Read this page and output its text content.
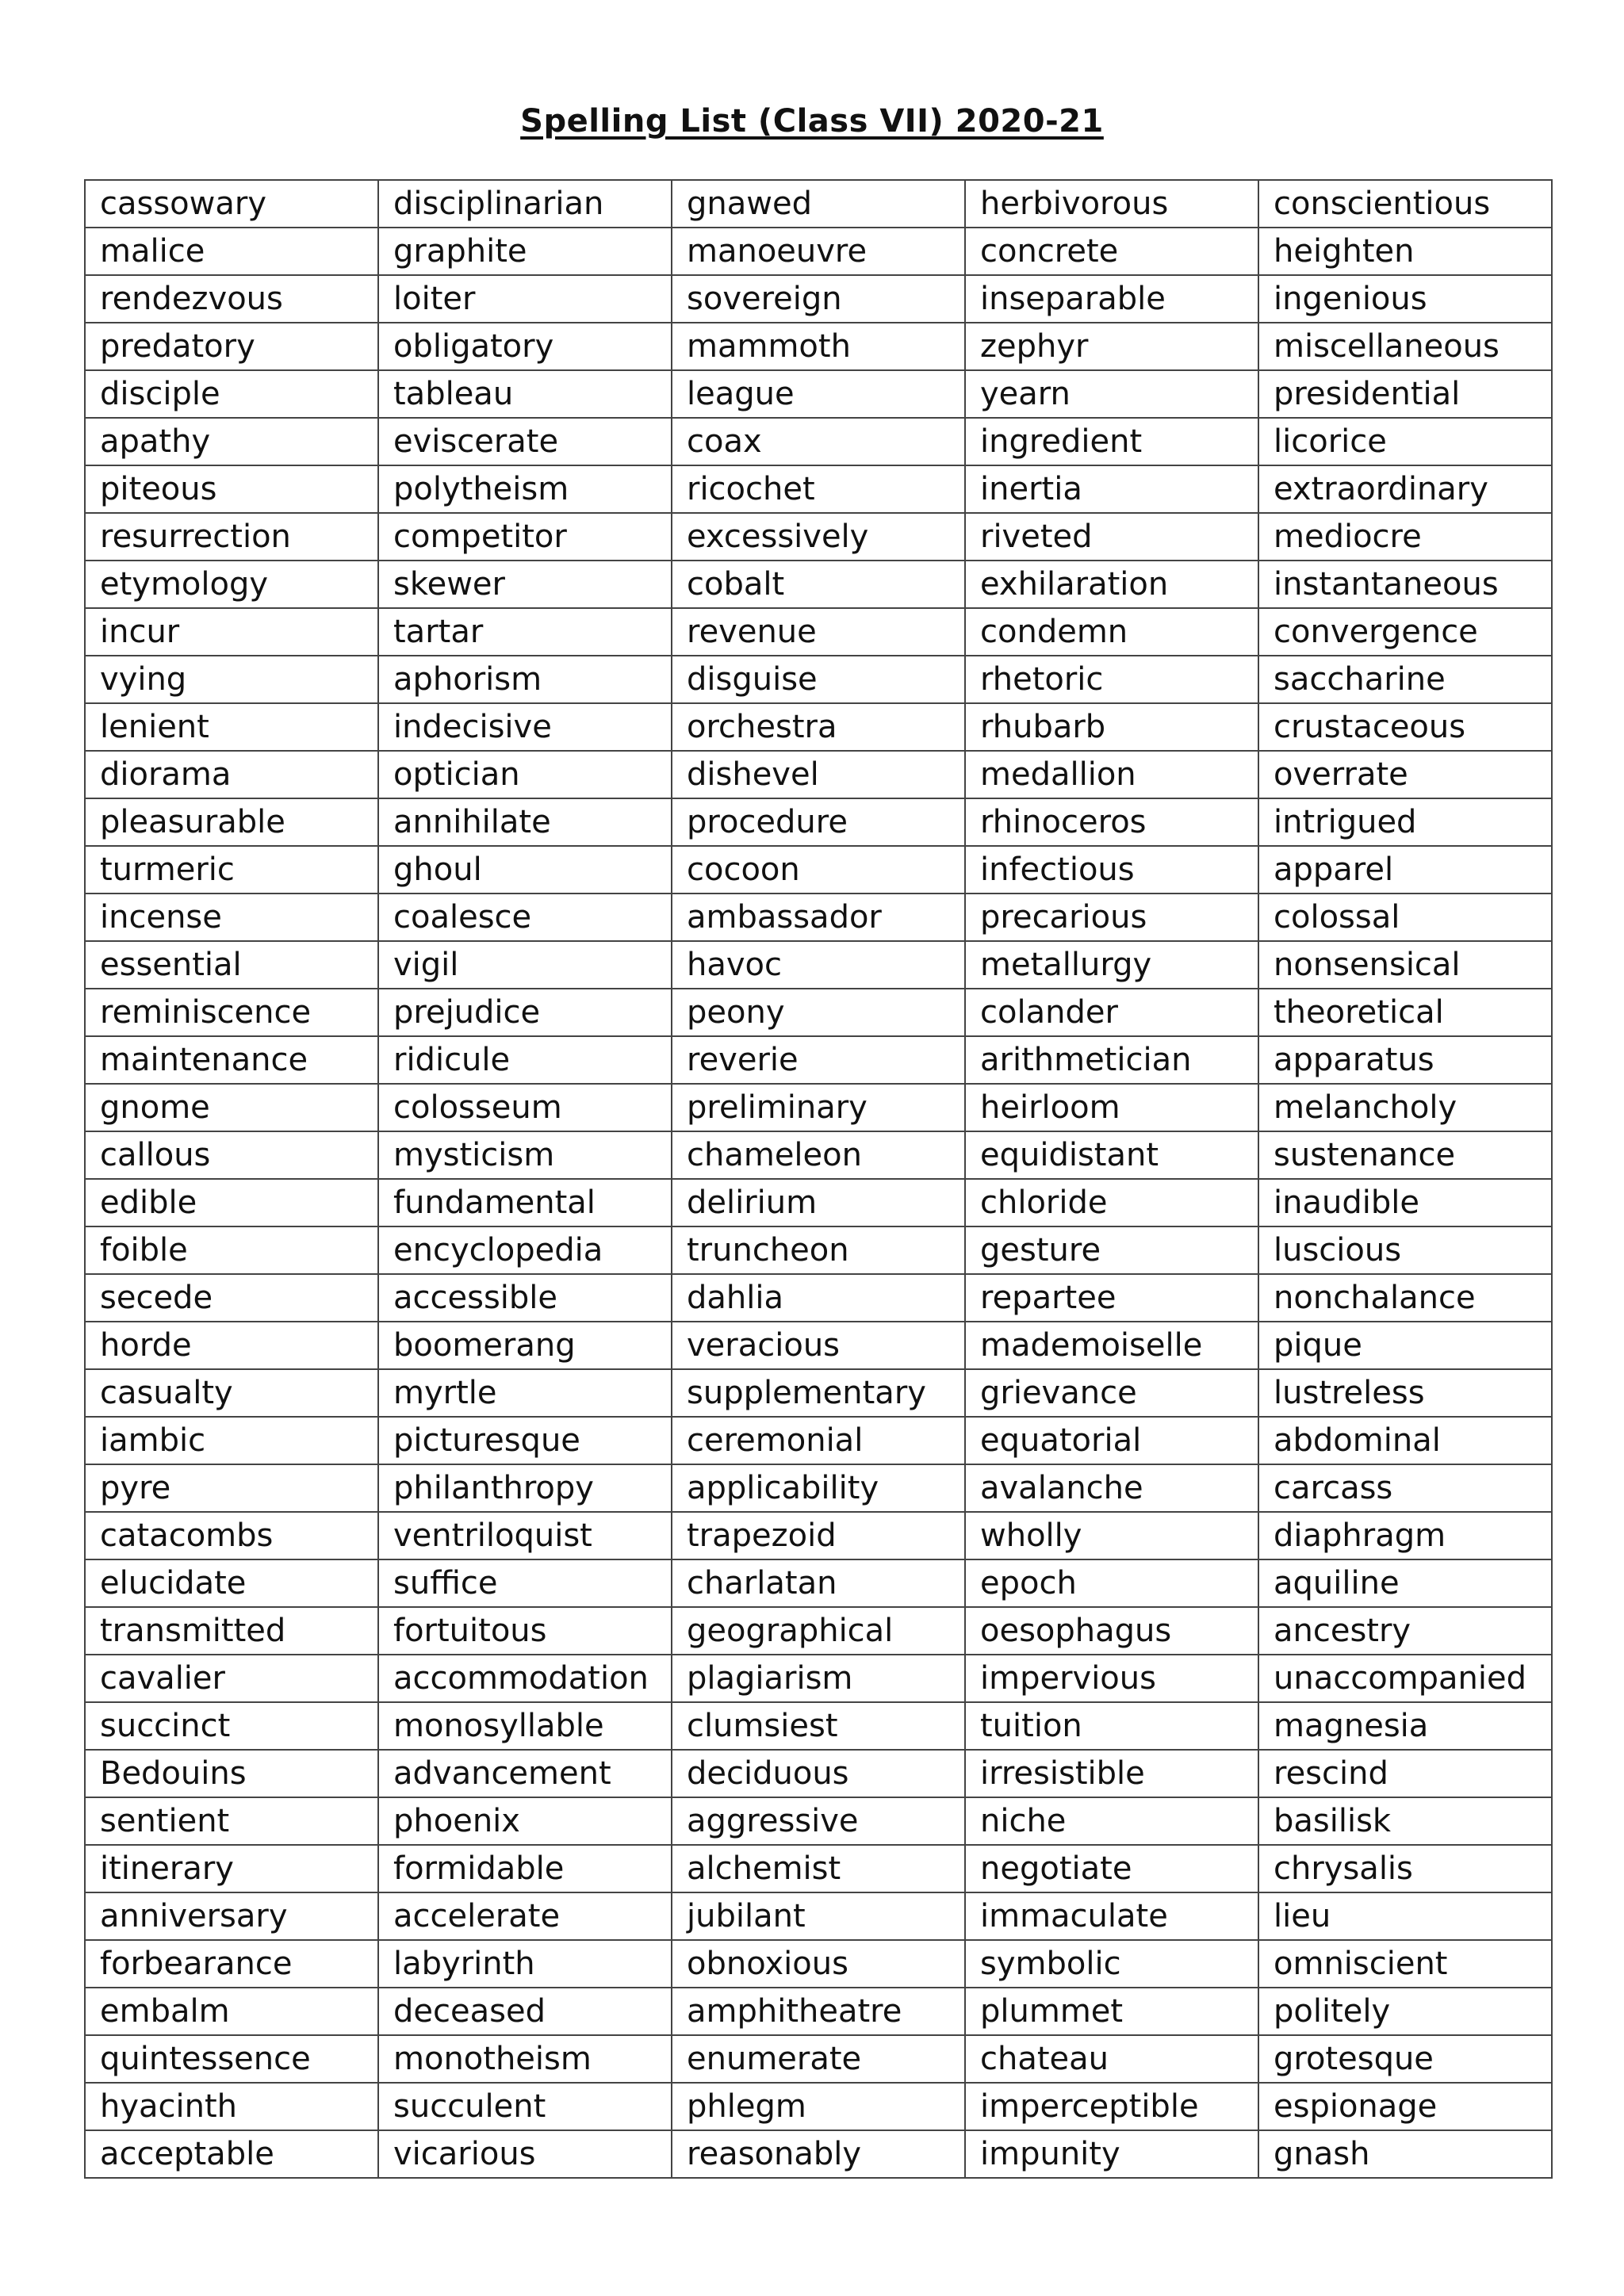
Spelling List (Class VII) 2020-21
cassowary	disciplinarian	gnawed	herbivorous	conscientious
malice	graphite	manoeuvre	concrete	heighten
rendezvous	loiter	sovereign	inseparable	ingenious
predatory	obligatory	mammoth	zephyr	miscellaneous
disciple	tableau	league	yearn	presidential
apathy	eviscerate	coax	ingredient	licorice
piteous	polytheism	ricochet	inertia	extraordinary
resurrection	competitor	excessively	riveted	mediocre
etymology	skewer	cobalt	exhilaration	instantaneous
incur	tartar	revenue	condemn	convergence
vying	aphorism	disguise	rhetoric	saccharine
lenient	indecisive	orchestra	rhubarb	crustaceous
diorama	optician	dishevel	medallion	overrate
pleasurable	annihilate	procedure	rhinoceros	intrigued
turmeric	ghoul	cocoon	infectious	apparel
incense	coalesce	ambassador	precarious	colossal
essential	vigil	havoc	metallurgy	nonsensical
reminiscence	prejudice	peony	colander	theoretical
maintenance	ridicule	reverie	arithmetician	apparatus
gnome	colosseum	preliminary	heirloom	melancholy
callous	mysticism	chameleon	equidistant	sustenance
edible	fundamental	delirium	chloride	inaudible
foible	encyclopedia	truncheon	gesture	luscious
secede	accessible	dahlia	repartee	nonchalance
horde	boomerang	veracious	mademoiselle	pique
casualty	myrtle	supplementary	grievance	lustreless
iambic	picturesque	ceremonial	equatorial	abdominal
pyre	philanthropy	applicability	avalanche	carcass
catacombs	ventriloquist	trapezoid	wholly	diaphragm
elucidate	suffice	charlatan	epoch	aquiline
transmitted	fortuitous	geographical	oesophagus	ancestry
cavalier	accommodation	plagiarism	impervious	unaccompanied
succinct	monosyllable	clumsiest	tuition	magnesia
Bedouins	advancement	deciduous	irresistible	rescind
sentient	phoenix	aggressive	niche	basilisk
itinerary	formidable	alchemist	negotiate	chrysalis
anniversary	accelerate	jubilant	immaculate	lieu
forbearance	labyrinth	obnoxious	symbolic	omniscient
embalm	deceased	amphitheatre	plummet	politely
quintessence	monotheism	enumerate	chateau	grotesque
hyacinth	succulent	phlegm	imperceptible	espionage
acceptable	vicarious	reasonably	impunity	gnash
